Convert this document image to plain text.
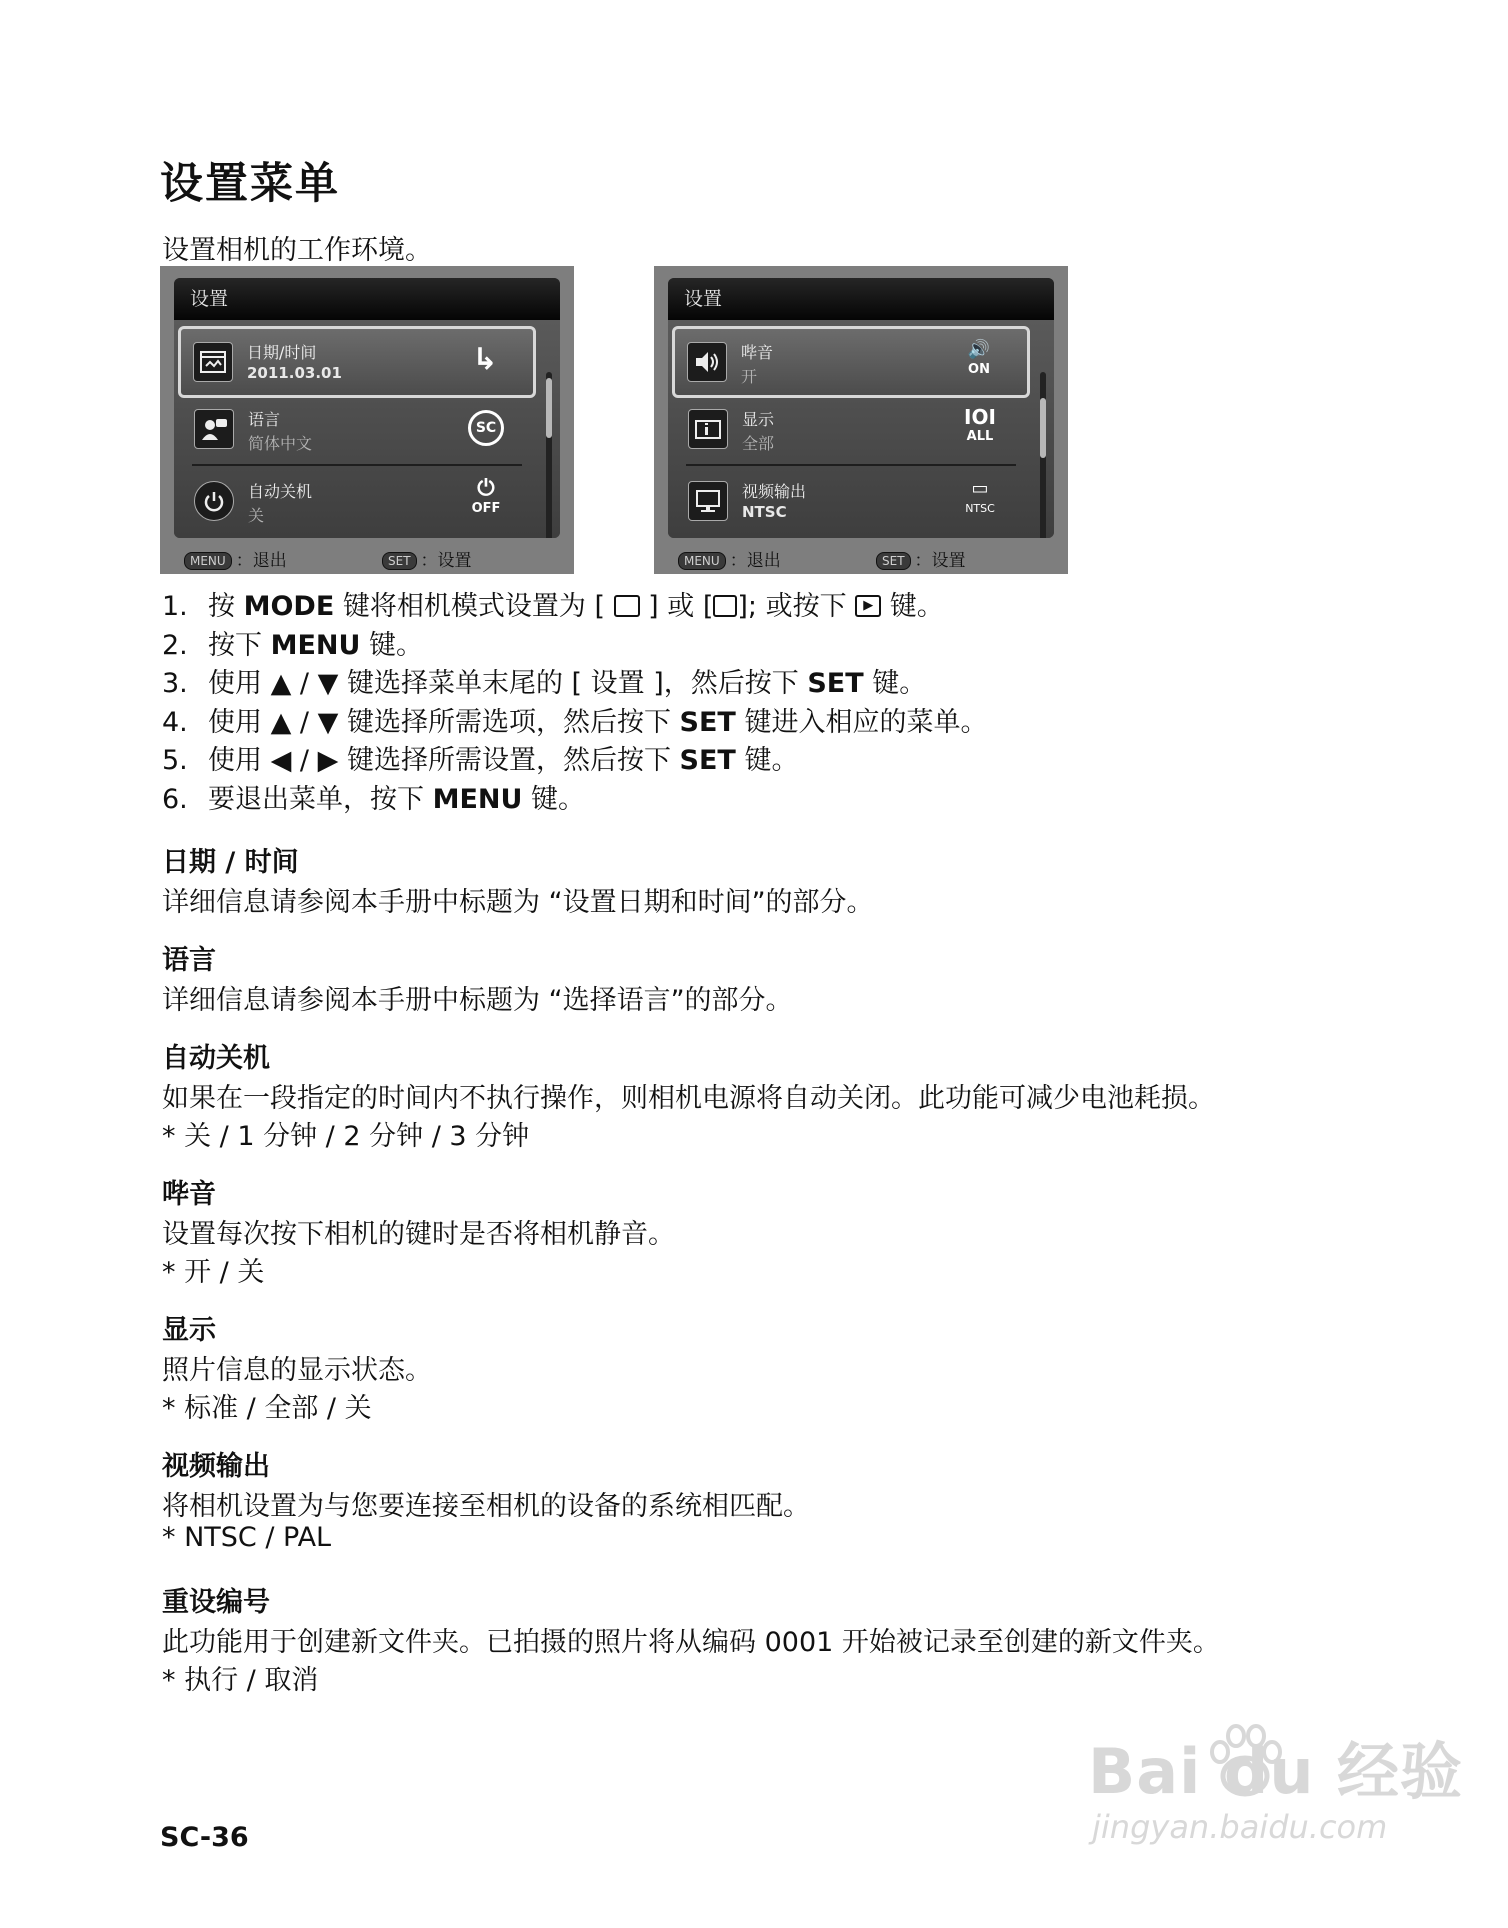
设置菜单
设置相机的工作环境。
设置
日期/时间
2011.03.01	↳
语言
简体中文
SC
自动关机
关
⏻
OFF
MENU ：退出	SET ：设置
设置
哔音
开
🔊
ON
显示
全部
IOI
ALL
视频输出
NTSC
▭
NTSC
MENU ：退出	SET ：设置
1. 按 MODE 键将相机模式设置为 [  ] 或 [ ]; 或按下 ▶ 键。
2. 按下 MENU 键。
3. 使用 ▲ / ▼ 键选择菜单末尾的 [ 设置 ]，然后按下 SET 键。
4. 使用 ▲ / ▼ 键选择所需选项，然后按下 SET 键进入相应的菜单。
5. 使用 ◀ / ▶ 键选择所需设置，然后按下 SET 键。
6. 要退出菜单，按下 MENU 键。
日期 / 时间
详细信息请参阅本手册中标题为 “设置日期和时间”的部分。
语言
详细信息请参阅本手册中标题为 “选择语言”的部分。
自动关机
如果在一段指定的时间内不执行操作，则相机电源将自动关闭。此功能可减少电池耗损。
* 关 / 1 分钟 / 2 分钟 / 3 分钟
哔音
设置每次按下相机的键时是否将相机静音。
* 开 / 关
显示
照片信息的显示状态。
* 标准 / 全部 / 关
视频输出
将相机设置为与您要连接至相机的设备的系统相匹配。
* NTSC / PAL
重设编号
此功能用于创建新文件夹。已拍摄的照片将从编码 0001 开始被记录至创建的新文件夹。
* 执行 / 取消
SC-36
Bai du 经验
jingyan.baidu.com
